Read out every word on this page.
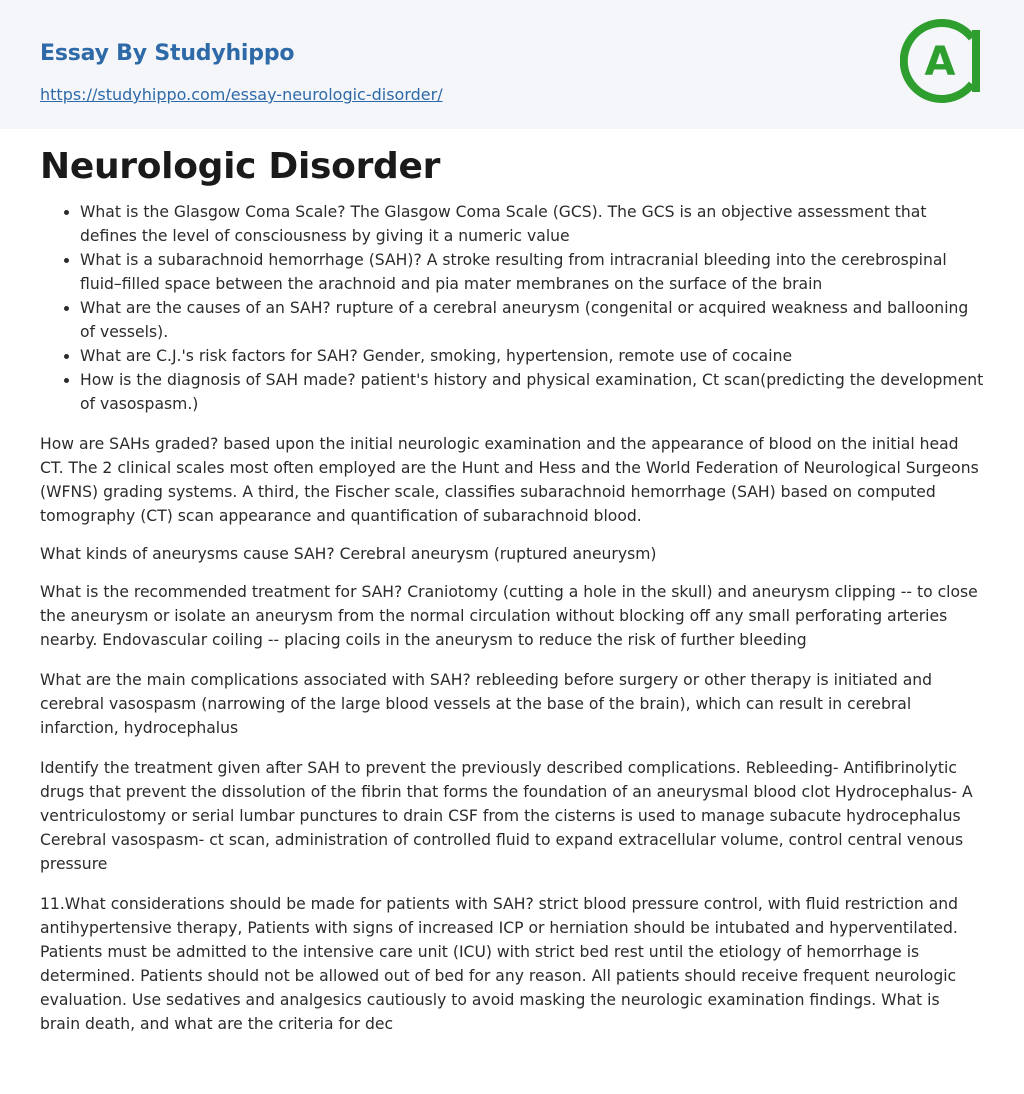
Essay By Studyhippo
https://studyhippo.com/essay-neurologic-disorder/
A
Neurologic Disorder
• What is the Glasgow Coma Scale? The Glasgow Coma Scale (GCS). The GCS is an objective assessment that defines the level of consciousness by giving it a numeric value
• What is a subarachnoid hemorrhage (SAH)? A stroke resulting from intracranial bleeding into the cerebrospinal fluid–filled space between the arachnoid and pia mater membranes on the surface of the brain
• What are the causes of an SAH? rupture of a cerebral aneurysm (congenital or acquired weakness and ballooning of vessels).
• What are C.J.'s risk factors for SAH? Gender, smoking, hypertension, remote use of cocaine
• How is the diagnosis of SAH made? patient's history and physical examination, Ct scan(predicting the development of vasospasm.)

How are SAHs graded? based upon the initial neurologic examination and the appearance of blood on the initial head CT. The 2 clinical scales most often employed are the Hunt and Hess and the World Federation of Neurological Surgeons (WFNS) grading systems. A third, the Fischer scale, classifies subarachnoid hemorrhage (SAH) based on computed tomography (CT) scan appearance and quantification of subarachnoid blood.

What kinds of aneurysms cause SAH? Cerebral aneurysm (ruptured aneurysm)

What is the recommended treatment for SAH? Craniotomy (cutting a hole in the skull) and aneurysm clipping -- to close the aneurysm or isolate an aneurysm from the normal circulation without blocking off any small perforating arteries nearby. Endovascular coiling -- placing coils in the aneurysm to reduce the risk of further bleeding

What are the main complications associated with SAH? rebleeding before surgery or other therapy is initiated and cerebral vasospasm (narrowing of the large blood vessels at the base of the brain), which can result in cerebral infarction, hydrocephalus

Identify the treatment given after SAH to prevent the previously described complications. Rebleeding- Antifibrinolytic drugs that prevent the dissolution of the fibrin that forms the foundation of an aneurysmal blood clot Hydrocephalus- A ventriculostomy or serial lumbar punctures to drain CSF from the cisterns is used to manage subacute hydrocephalus Cerebral vasospasm- ct scan, administration of controlled fluid to expand extracellular volume, control central venous pressure

11.What considerations should be made for patients with SAH? strict blood pressure control, with fluid restriction and antihypertensive therapy, Patients with signs of increased ICP or herniation should be intubated and hyperventilated. Patients must be admitted to the intensive care unit (ICU) with strict bed rest until the etiology of hemorrhage is determined. Patients should not be allowed out of bed for any reason. All patients should receive frequent neurologic evaluation. Use sedatives and analgesics cautiously to avoid masking the neurologic examination findings. What is brain death, and what are the criteria for dec
